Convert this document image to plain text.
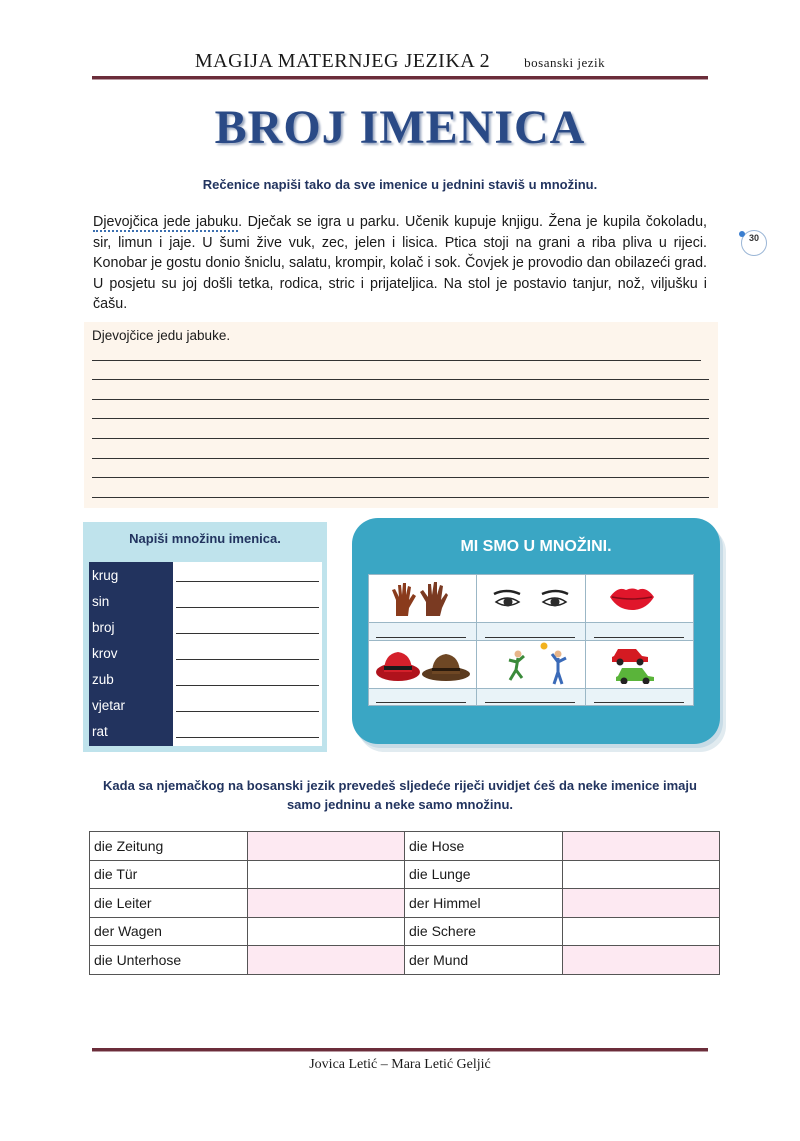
MAGIJA MATERNJEG JEZIKA 2	bosanski jezik
BROJ IMENICA
Rečenice napiši tako da sve imenice u jednini staviš u množinu.
30
Djevojčica jede jabuku. Dječak se igra u parku. Učenik kupuje knjigu. Žena je kupila čokoladu, sir, limun i jaje. U šumi žive vuk, zec, jelen i lisica. Ptica stoji na grani a riba pliva u rijeci. Konobar je gostu donio šniclu, salatu, krompir, kolač i sok. Čovjek je provodio dan obilazeći grad. U posjetu su joj došli tetka, rodica, stric i prijateljica. Na stol je postavio tanjur, nož, viljušku i čašu.
Djevojčice jedu jabuke.
Napiši množinu imenica.
krug
sin
broj
krov
zub
vjetar
rat
MI SMO U MNOŽINI.
Kada sa njemačkog na bosanski jezik prevedeš sljedeće riječi uvidjet ćeš da neke imenice imaju samo jedninu a neke samo množinu.
die Zeitung		die Hose	
die Tür		die Lunge	
die Leiter		der Himmel	
der Wagen		die Schere	
die Unterhose		der Mund	
Jovica Letić – Mara Letić Geljić
